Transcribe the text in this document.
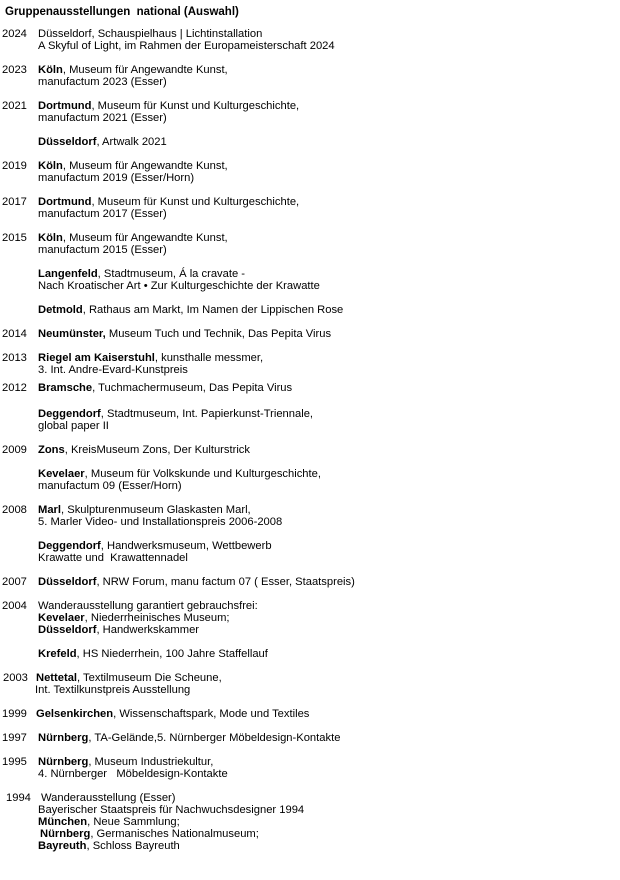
Gruppenausstellungen  national (Auswahl)
2024 Düsseldorf, Schauspielhaus | Lichtinstallation
A Skyful of Light, im Rahmen der Europameisterschaft 2024
2023 Köln, Museum für Angewandte Kunst,
manufactum 2023 (Esser)
2021 Dortmund, Museum für Kunst und Kulturgeschichte,
manufactum 2021 (Esser)
Düsseldorf, Artwalk 2021
2019 Köln, Museum für Angewandte Kunst,
manufactum 2019 (Esser/Horn)
2017 Dortmund, Museum für Kunst und Kulturgeschichte,
manufactum 2017 (Esser)
2015 Köln, Museum für Angewandte Kunst,
manufactum 2015 (Esser)
Langenfeld, Stadtmuseum, Á la cravate -
Nach Kroatischer Art • Zur Kulturgeschichte der Krawatte
Detmold, Rathaus am Markt, Im Namen der Lippischen Rose
2014 Neumünster, Museum Tuch und Technik, Das Pepita Virus
2013 Riegel am Kaiserstuhl, kunsthalle messmer,
3. Int. Andre-Evard-Kunstpreis
2012 Bramsche, Tuchmachermuseum, Das Pepita Virus
Deggendorf, Stadtmuseum, Int. Papierkunst-Triennale,
global paper II
2009 Zons, KreisMuseum Zons, Der Kulturstrick
Kevelaer, Museum für Volkskunde und Kulturgeschichte,
manufactum 09 (Esser/Horn)
2008 Marl, Skulpturenmuseum Glaskasten Marl,
5. Marler Video- und Installationspreis 2006-2008
Deggendorf, Handwerksmuseum, Wettbewerb
Krawatte und  Krawattennadel
2007 Düsseldorf, NRW Forum, manu factum 07 ( Esser, Staatspreis)
2004 Wanderausstellung garantiert gebrauchsfrei:
Kevelaer, Niederrheinisches Museum;
Düsseldorf, Handwerkskammer
Krefeld, HS Niederrhein, 100 Jahre Staffellauf
2003 Nettetal, Textilmuseum Die Scheune,
Int. Textilkunstpreis Ausstellung
1999 Gelsenkirchen, Wissenschaftspark, Mode und Textiles
1997 Nürnberg, TA-Gelände,5. Nürnberger Möbeldesign-Kontakte
1995 Nürnberg, Museum Industriekultur,
4. Nürnberger   Möbeldesign-Kontakte
1994 Wanderausstellung (Esser)
Bayerischer Staatspreis für Nachwuchsdesigner 1994
München, Neue Sammlung;
Nürnberg, Germanisches Nationalmuseum;
Bayreuth, Schloss Bayreuth
